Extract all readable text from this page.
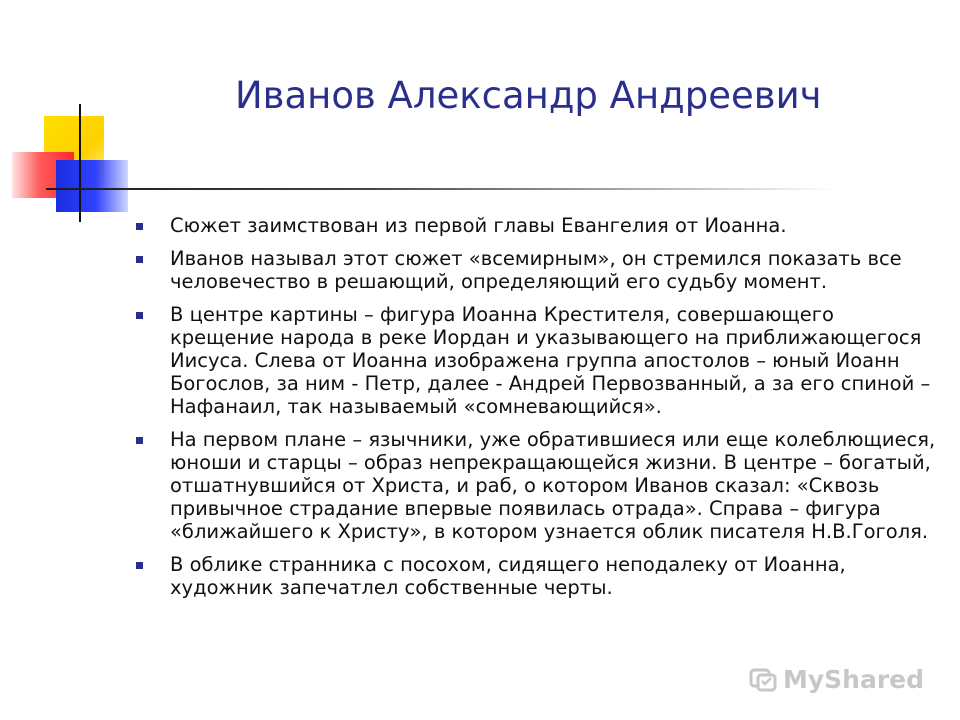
Иванов Александр Андреевич
Сюжет заимствован из первой главы Евангелия от Иоанна.
Иванов называл этот сюжет «всемирным», он стремился показать все человечество в решающий, определяющий его судьбу момент.
В центре картины – фигура Иоанна Крестителя, совершающего крещение народа в реке Иордан и указывающего на приближающегося Иисуса. Слева от Иоанна изображена группа апостолов – юный Иоанн Богослов, за ним - Петр, далее - Андрей Первозванный, а за его спиной – Нафанаил, так называемый «сомневающийся».
На первом плане – язычники, уже обратившиеся или еще колеблющиеся, юноши и старцы – образ непрекращающейся жизни. В центре – богатый, отшатнувшийся от Христа, и раб, о котором Иванов сказал: «Сквозь привычное страдание впервые появилась отрада». Справа – фигура «ближайшего к Христу», в котором узнается облик писателя Н.В.Гоголя.
В облике странника с посохом, сидящего неподалеку от Иоанна, художник запечатлел собственные черты.
MyShared
